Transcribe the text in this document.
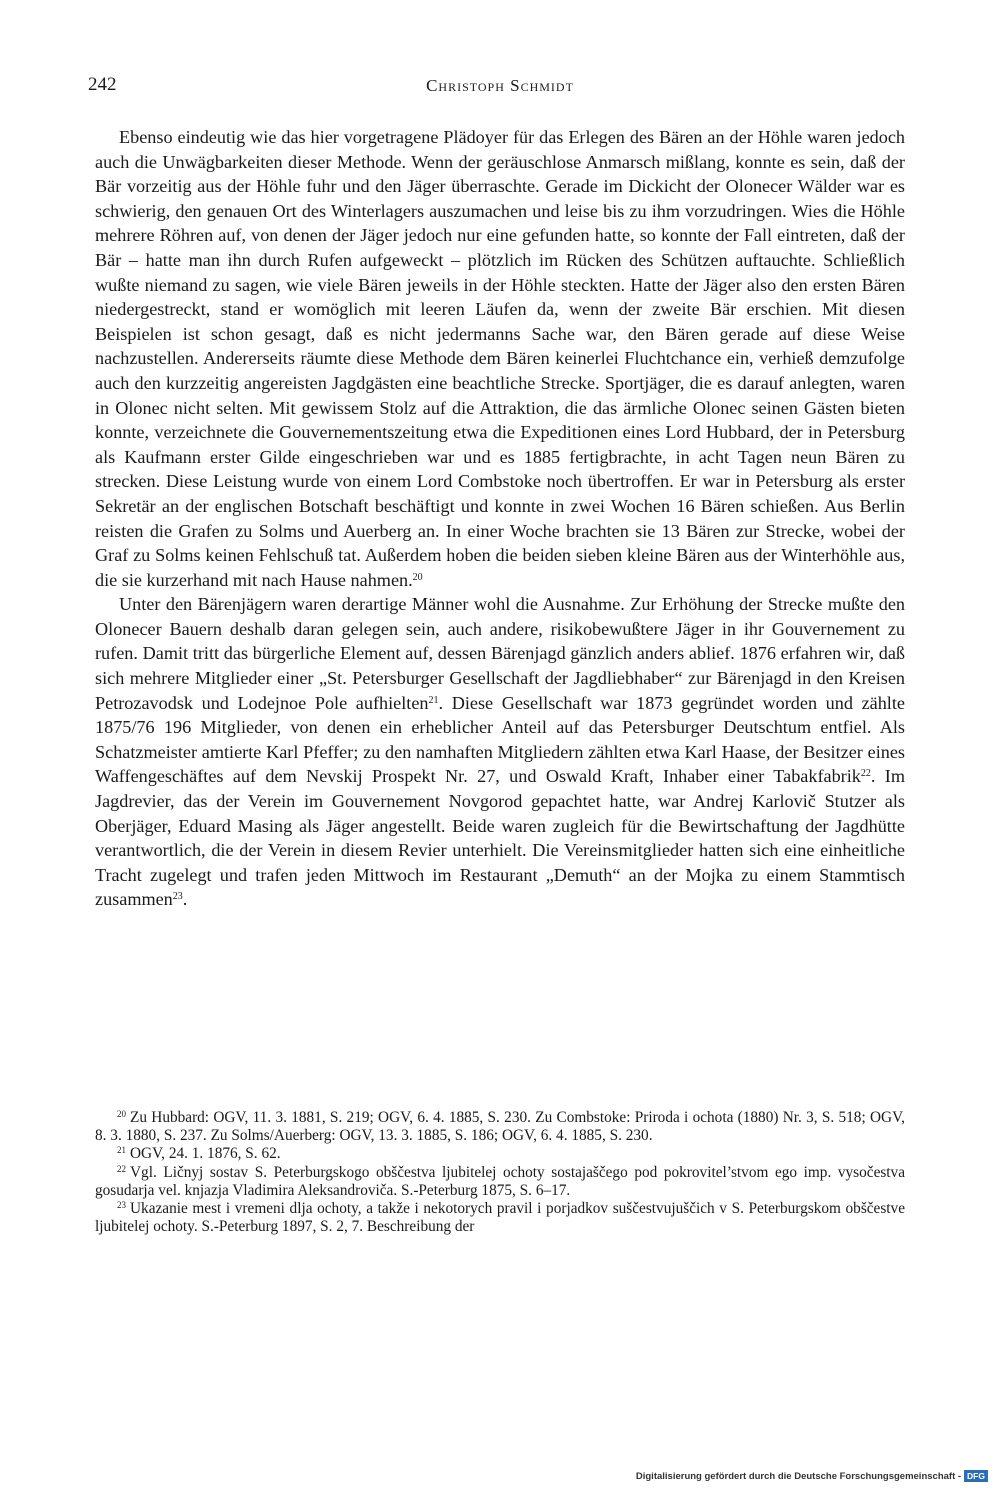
242	Christoph Schmidt

Ebenso eindeutig wie das hier vorgetragene Plädoyer für das Erlegen des Bären an der Höhle waren jedoch auch die Unwägbarkeiten dieser Methode. Wenn der geräuschlose Anmarsch mißlang, konnte es sein, daß der Bär vorzeitig aus der Höhle fuhr und den Jäger überraschte. Gerade im Dickicht der Olonecer Wälder war es schwierig, den genauen Ort des Winterlagers auszumachen und leise bis zu ihm vorzudringen. Wies die Höhle mehrere Röhren auf, von denen der Jäger jedoch nur eine gefunden hatte, so konnte der Fall eintreten, daß der Bär – hatte man ihn durch Rufen aufgeweckt – plötzlich im Rücken des Schützen auftauchte. Schließlich wußte niemand zu sagen, wie viele Bären jeweils in der Höhle steckten. Hatte der Jäger also den ersten Bären niedergestreckt, stand er womöglich mit leeren Läufen da, wenn der zweite Bär erschien. Mit diesen Beispielen ist schon gesagt, daß es nicht jedermanns Sache war, den Bären gerade auf diese Weise nachzustellen. Andererseits räumte diese Methode dem Bären keinerlei Fluchtchance ein, verhieß demzufolge auch den kurzzeitig angereisten Jagdgästen eine beachtliche Strecke. Sportjäger, die es darauf anlegten, waren in Olonec nicht selten. Mit gewissem Stolz auf die Attraktion, die das ärmliche Olonec seinen Gästen bieten konnte, verzeichnete die Gouvernementszeitung etwa die Expeditionen eines Lord Hubbard, der in Petersburg als Kaufmann erster Gilde eingeschrieben war und es 1885 fertigbrachte, in acht Tagen neun Bären zu strecken. Diese Leistung wurde von einem Lord Combstoke noch übertroffen. Er war in Petersburg als erster Sekretär an der englischen Botschaft beschäftigt und konnte in zwei Wochen 16 Bären schießen. Aus Berlin reisten die Grafen zu Solms und Auerberg an. In einer Woche brachten sie 13 Bären zur Strecke, wobei der Graf zu Solms keinen Fehlschuß tat. Außerdem hoben die beiden sieben kleine Bären aus der Winterhöhle aus, die sie kurzerhand mit nach Hause nahmen.$^{20}$

Unter den Bärenjägern waren derartige Männer wohl die Ausnahme. Zur Erhöhung der Strecke mußte den Olonecer Bauern deshalb daran gelegen sein, auch andere, risikobewußtere Jäger in ihr Gouvernement zu rufen. Damit tritt das bürgerliche Element auf, dessen Bärenjagd gänzlich anders ablief. 1876 erfahren wir, daß sich mehrere Mitglieder einer „St. Petersburger Gesellschaft der Jagdliebhaber“ zur Bärenjagd in den Kreisen Petrozavodsk und Lodejnoe Pole aufhielten$^{21}$. Diese Gesellschaft war 1873 gegründet worden und zählte 1875/76 196 Mitglieder, von denen ein erheblicher Anteil auf das Petersburger Deutschtum entfiel. Als Schatzmeister amtierte Karl Pfeffer; zu den namhaften Mitgliedern zählten etwa Karl Haase, der Besitzer eines Waffengeschäftes auf dem Nevskij Prospekt Nr. 27, und Oswald Kraft, Inhaber einer Tabakfabrik$^{22}$. Im Jagdrevier, das der Verein im Gouvernement Novgorod gepachtet hatte, war Andrej Karlovič Stutzer als Oberjäger, Eduard Masing als Jäger angestellt. Beide waren zugleich für die Bewirtschaftung der Jagdhütte verantwortlich, die der Verein in diesem Revier unterhielt. Die Vereinsmitglieder hatten sich eine einheitliche Tracht zugelegt und trafen jeden Mittwoch im Restaurant „Demuth“ an der Mojka zu einem Stammtisch zusammen$^{23}$.

$^{20}$ Zu Hubbard: OGV, 11. 3. 1881, S. 219; OGV, 6. 4. 1885, S. 230. Zu Combstoke: Priroda i ochota (1880) Nr. 3, S. 518; OGV, 8. 3. 1880, S. 237. Zu Solms/Auerberg: OGV, 13. 3. 1885, S. 186; OGV, 6. 4. 1885, S. 230.

$^{21}$ OGV, 24. 1. 1876, S. 62.

$^{22}$ Vgl. Ličnyj sostav S. Peterburgskogo obščestva ljubitelej ochoty sostajaščego pod pokrovitel’stvom ego imp. vysočestva gosudarja vel. knjazja Vladimira Aleksandroviča. S.-Peterburg 1875, S. 6–17.

$^{23}$ Ukazanie mest i vremeni dlja ochoty, a takže i nekotorych pravil i porjadkov suščestvujuščich v S. Peterburgskom obščestve ljubitelej ochoty. S.-Peterburg 1897, S. 2, 7. Beschreibung der

Digitalisierung gefördert durch die Deutsche Forschungsgemeinschaft - DFG
